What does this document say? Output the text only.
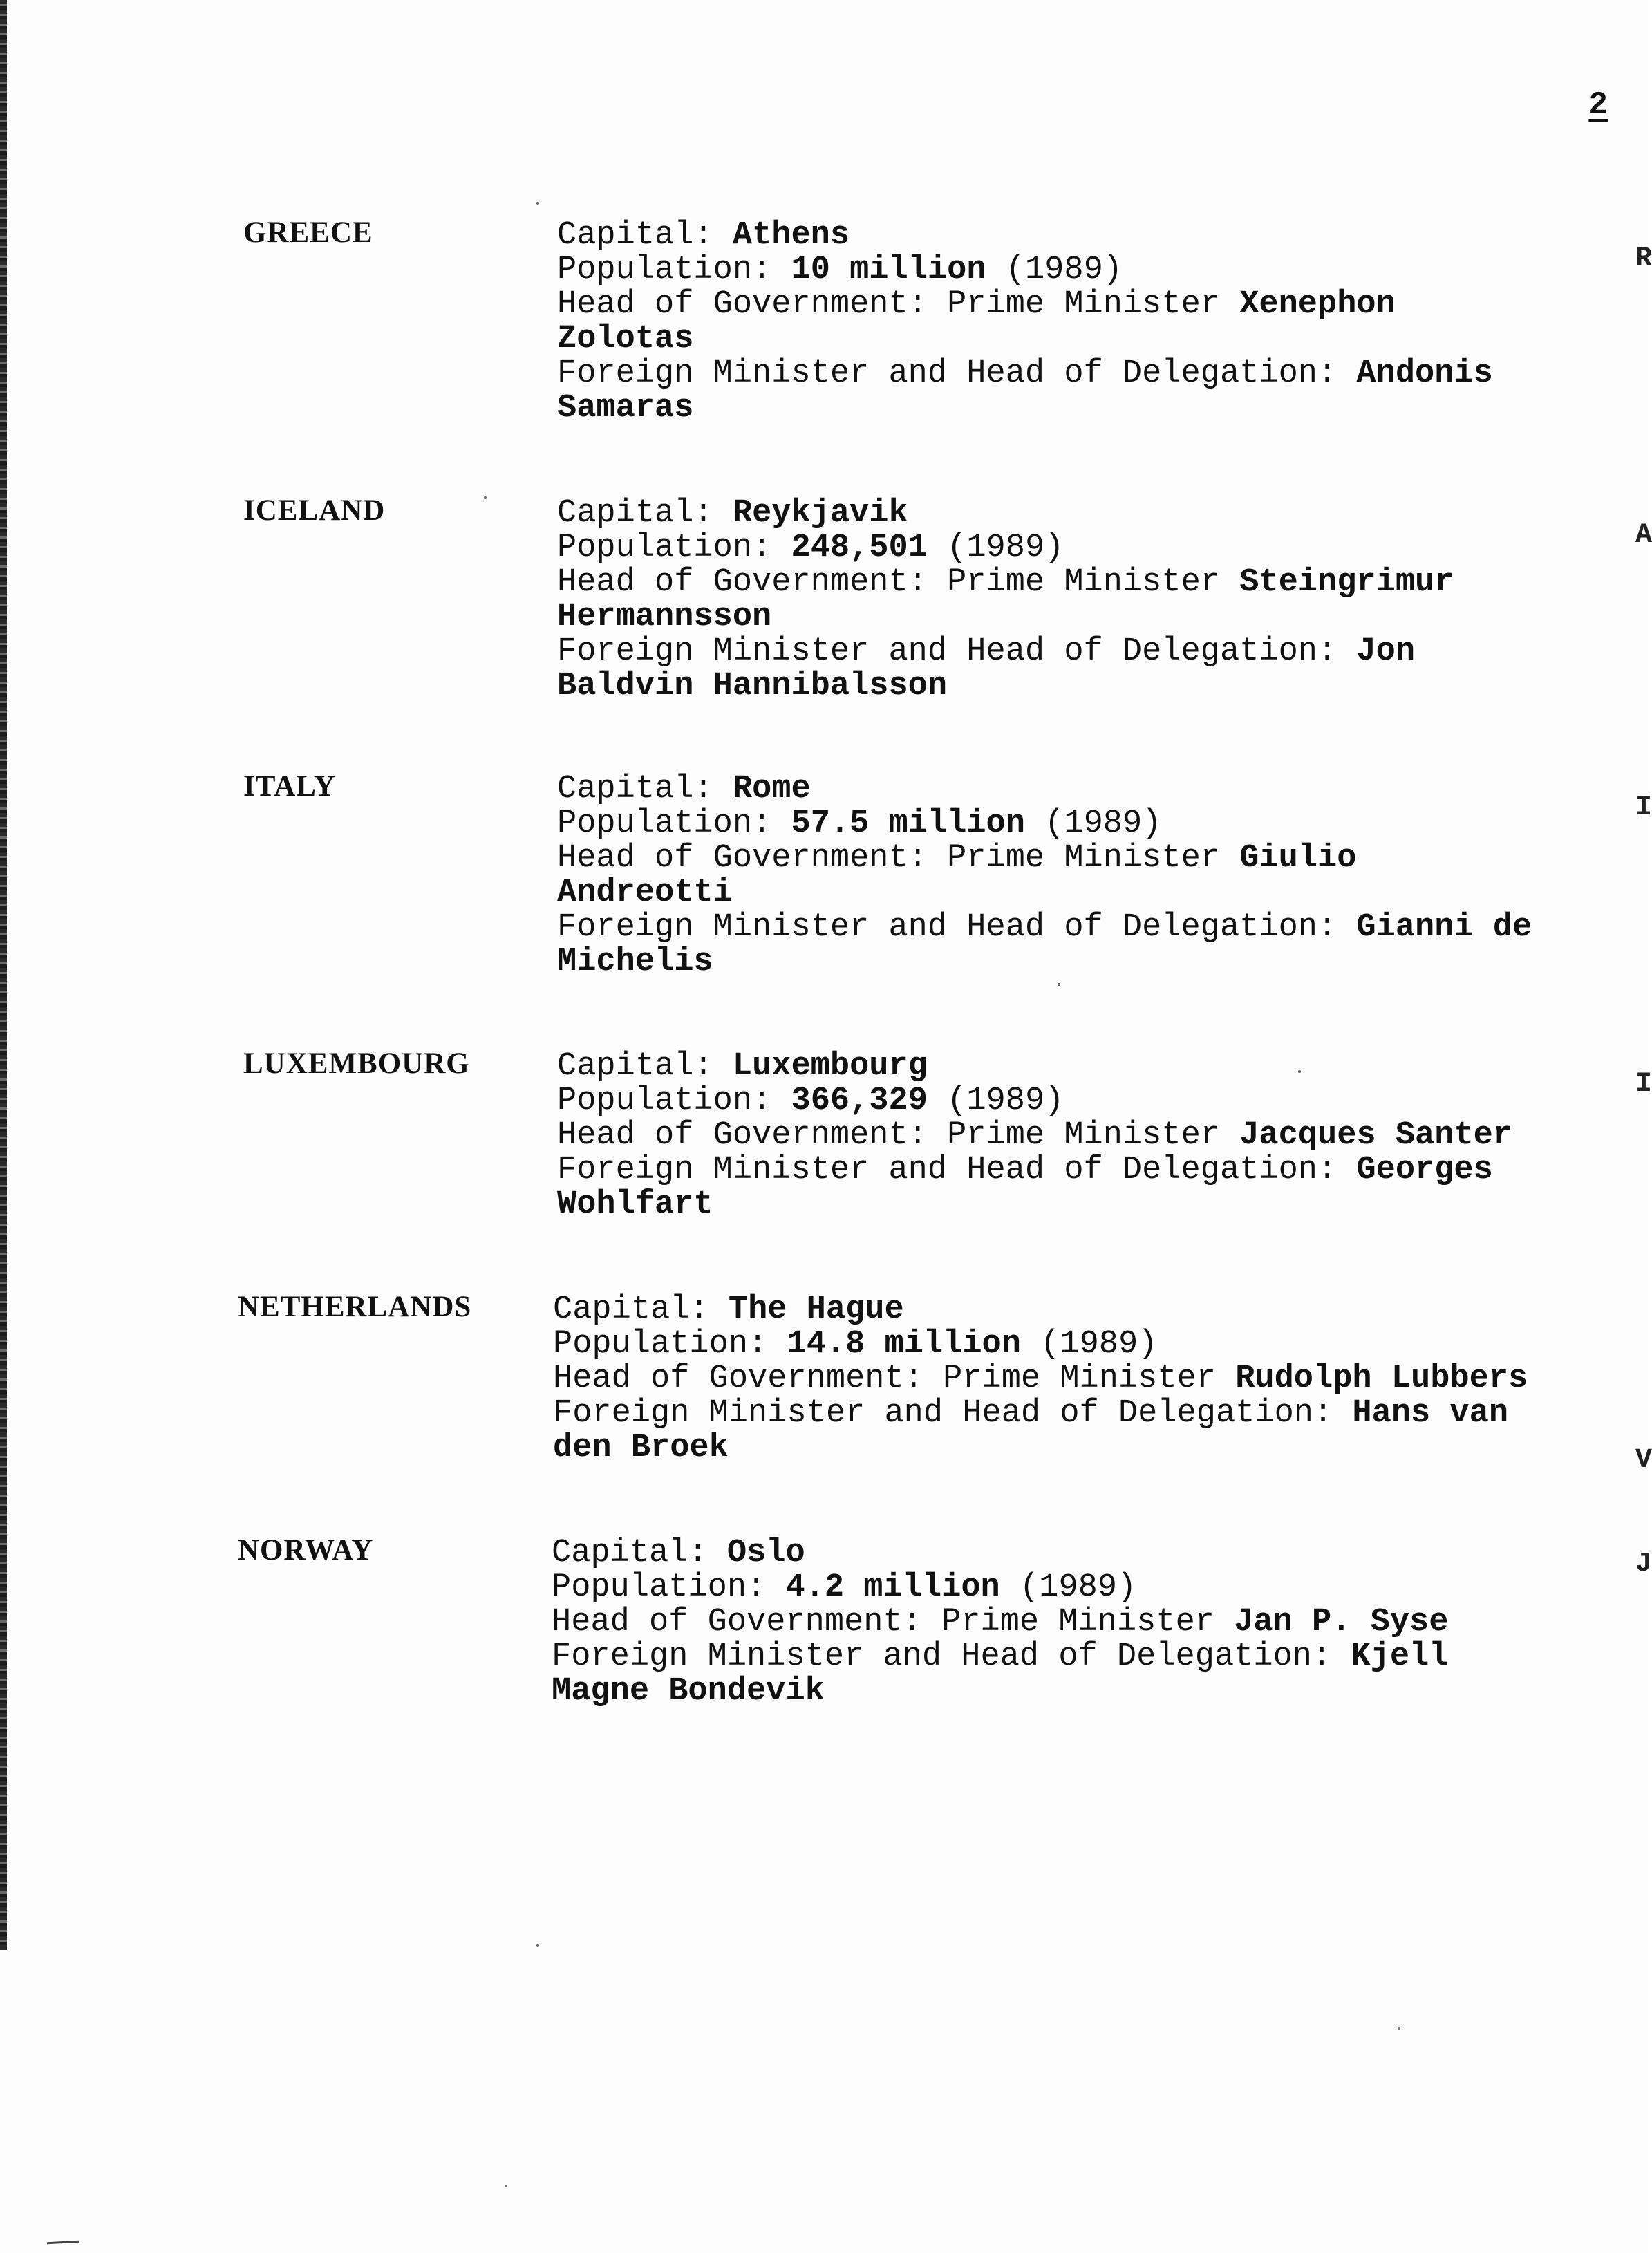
2
GREECE	Capital: Athens
Population: 10 million (1989)
Head of Government: Prime Minister Xenephon
Zolotas
Foreign Minister and Head of Delegation: Andonis
Samaras
ICELAND	Capital: Reykjavik
Population: 248,501 (1989)
Head of Government: Prime Minister Steingrimur
Hermannsson
Foreign Minister and Head of Delegation: Jon
Baldvin Hannibalsson
ITALY	Capital: Rome
Population: 57.5 million (1989)
Head of Government: Prime Minister Giulio
Andreotti
Foreign Minister and Head of Delegation: Gianni de
Michelis
LUXEMBOURG	Capital: Luxembourg
Population: 366,329 (1989)
Head of Government: Prime Minister Jacques Santer
Foreign Minister and Head of Delegation: Georges
Wohlfart
NETHERLANDS	Capital: The Hague
Population: 14.8 million (1989)
Head of Government: Prime Minister Rudolph Lubbers
Foreign Minister and Head of Delegation: Hans van
den Broek
NORWAY	Capital: Oslo
Population: 4.2 million (1989)
Head of Government: Prime Minister Jan P. Syse
Foreign Minister and Head of Delegation: Kjell
Magne Bondevik
R
A
I
I
V
J
